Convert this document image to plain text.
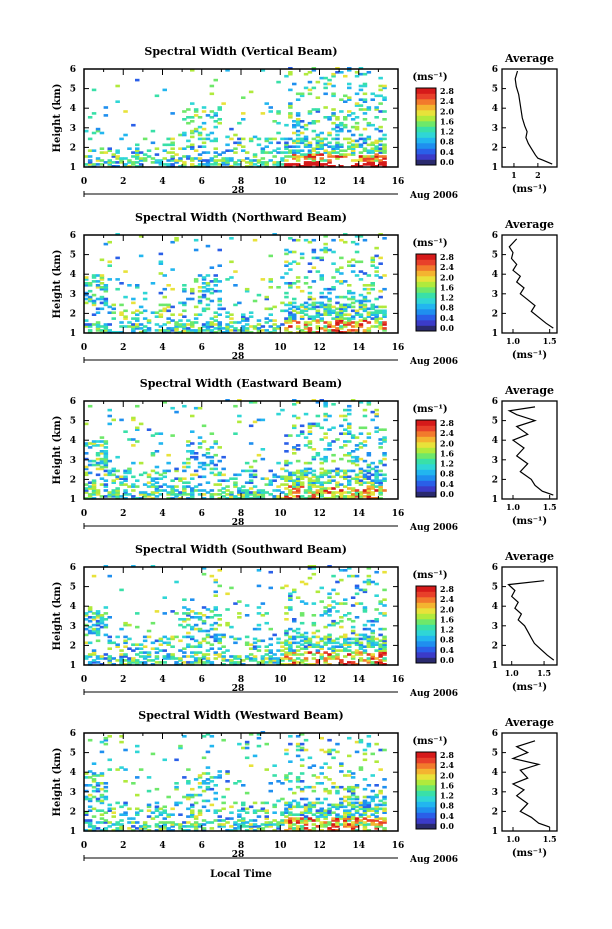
Spectral Width (Vertical Beam)
1
2
3
4
5
6
0	2	4	6	8	10	12	14	16
28	Aug 2006
Height (km)
(ms⁻¹)
0.0
0.4
0.8
1.2
1.6
2.0
2.4
2.8
Average
1
2
3
4
5
6
1 2
(ms⁻¹)
Spectral Width (Northward Beam)
1
2
3
4
5
6
0	2	4	6	8	10	12	14	16
28	Aug 2006
Height (km)
(ms⁻¹)
0.0
0.4
0.8
1.2
1.6
2.0
2.4
2.8
Average
1
2
3
4
5
6
1.0	1.5
(ms⁻¹)
Spectral Width (Eastward Beam)
1
2
3
4
5
6
0	2	4	6	8	10	12	14	16
28	Aug 2006
Height (km)
(ms⁻¹)
0.0
0.4
0.8
1.2
1.6
2.0
2.4
2.8
Average
1
2
3
4
5
6
1.0	1.5
(ms⁻¹)
Spectral Width (Southward Beam)
1
2
3
4
5
6
0	2	4	6	8	10	12	14	16
28	Aug 2006
Height (km)
(ms⁻¹)
0.0
0.4
0.8
1.2
1.6
2.0
2.4
2.8
Average
1
2
3
4
5
6
1.0 1.5
(ms⁻¹)
Spectral Width (Westward Beam)
1
2
3
4
5
6
0	2	4	6	8	10	12	14	16
28	Aug 2006
Height (km)
(ms⁻¹)
0.0
0.4
0.8
1.2
1.6
2.0
2.4
2.8
Average
1
2
3
4
5
6
1.0	1.5
(ms⁻¹)
Local Time
